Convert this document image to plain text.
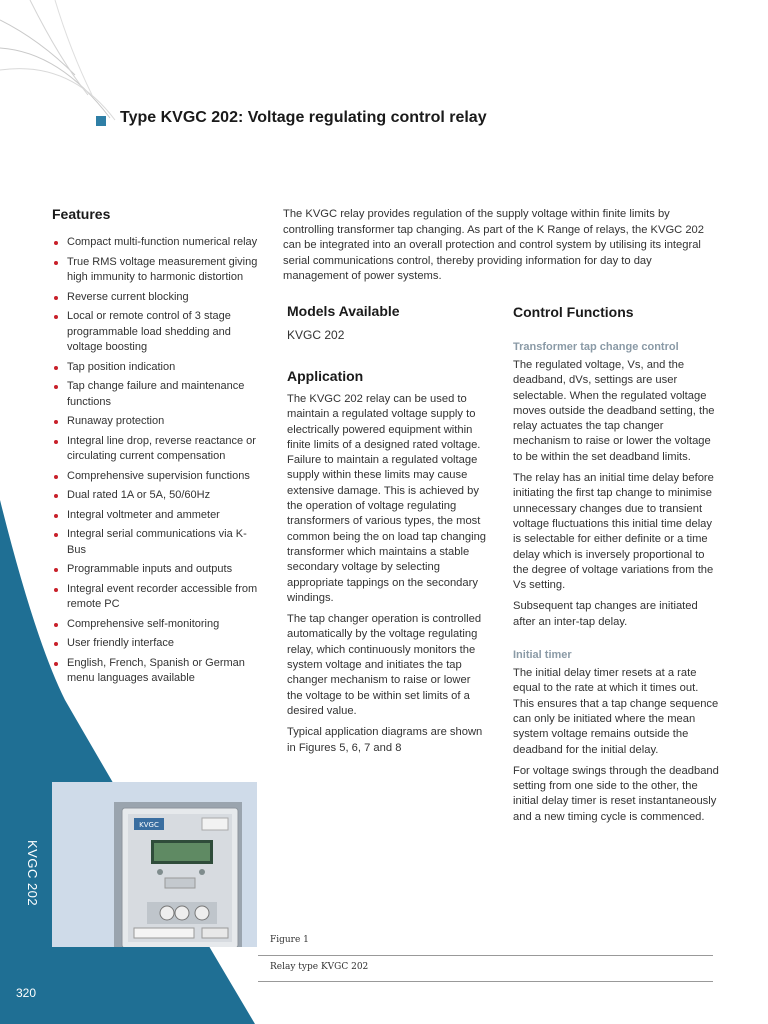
Type KVGC 202: Voltage regulating control relay
The KVGC relay provides regulation of the supply voltage within finite limits by controlling transformer tap changing. As part of the K Range of relays, the KVGC 202 can be integrated into an overall protection and control system by utilising its integral serial communications control, thereby providing information for day to day management of power systems.
Features
Compact multi-function numerical relay
True RMS voltage measurement giving high immunity to harmonic distortion
Reverse current blocking
Local or remote control of 3 stage programmable load shedding and voltage boosting
Tap position indication
Tap change failure and maintenance functions
Runaway protection
Integral line drop, reverse reactance or circulating current compensation
Comprehensive supervision functions
Dual rated 1A or 5A, 50/60Hz
Integral voltmeter and ammeter
Integral serial communications via K-Bus
Programmable inputs and outputs
Integral event recorder accessible from remote PC
Comprehensive self-monitoring
User friendly interface
English, French, Spanish or German menu languages available
Models Available

KVGC 202

Application

The KVGC 202 relay can be used to maintain a regulated voltage supply to electrically powered equipment within finite limits of a designed rated voltage. Failure to maintain a regulated voltage supply within these limits may cause extensive damage. This is achieved by the operation of voltage regulating transformers of various types, the most common being the on load tap changing transformer which maintains a stable secondary voltage by selecting appropriate tappings on the secondary windings.

The tap changer operation is controlled automatically by the voltage regulating relay, which continuously monitors the system voltage and initiates the tap changer mechanism to raise or lower the voltage to be within set limits of a desired value.

Typical application diagrams are shown in Figures 5, 6, 7 and 8

Control Functions
Transformer tap change control

The regulated voltage, Vs, and the deadband, dVs, settings are user selectable. When the regulated voltage moves outside the deadband setting, the relay actuates the tap changer mechanism to raise or lower the voltage to be within the set deadband limits.

The relay has an initial time delay before initiating the first tap change to minimise unnecessary changes due to transient voltage fluctuations this initial time delay is selectable for either definite or a time delay which is inversely proportional to the degree of voltage variations from the Vs setting.

Subsequent tap changes are initiated after an inter-tap delay.

Initial timer

The initial delay timer resets at a rate equal to the rate at which it times out. This ensures that a tap change sequence can only be initiated where the mean system voltage remains outside the deadband for the initial delay.

For voltage swings through the deadband setting from one side to the other, the initial delay timer is reset instantaneously and a new timing cycle is commenced.

KVGC
Figure 1
Relay type KVGC 202
KVGC 202
320
